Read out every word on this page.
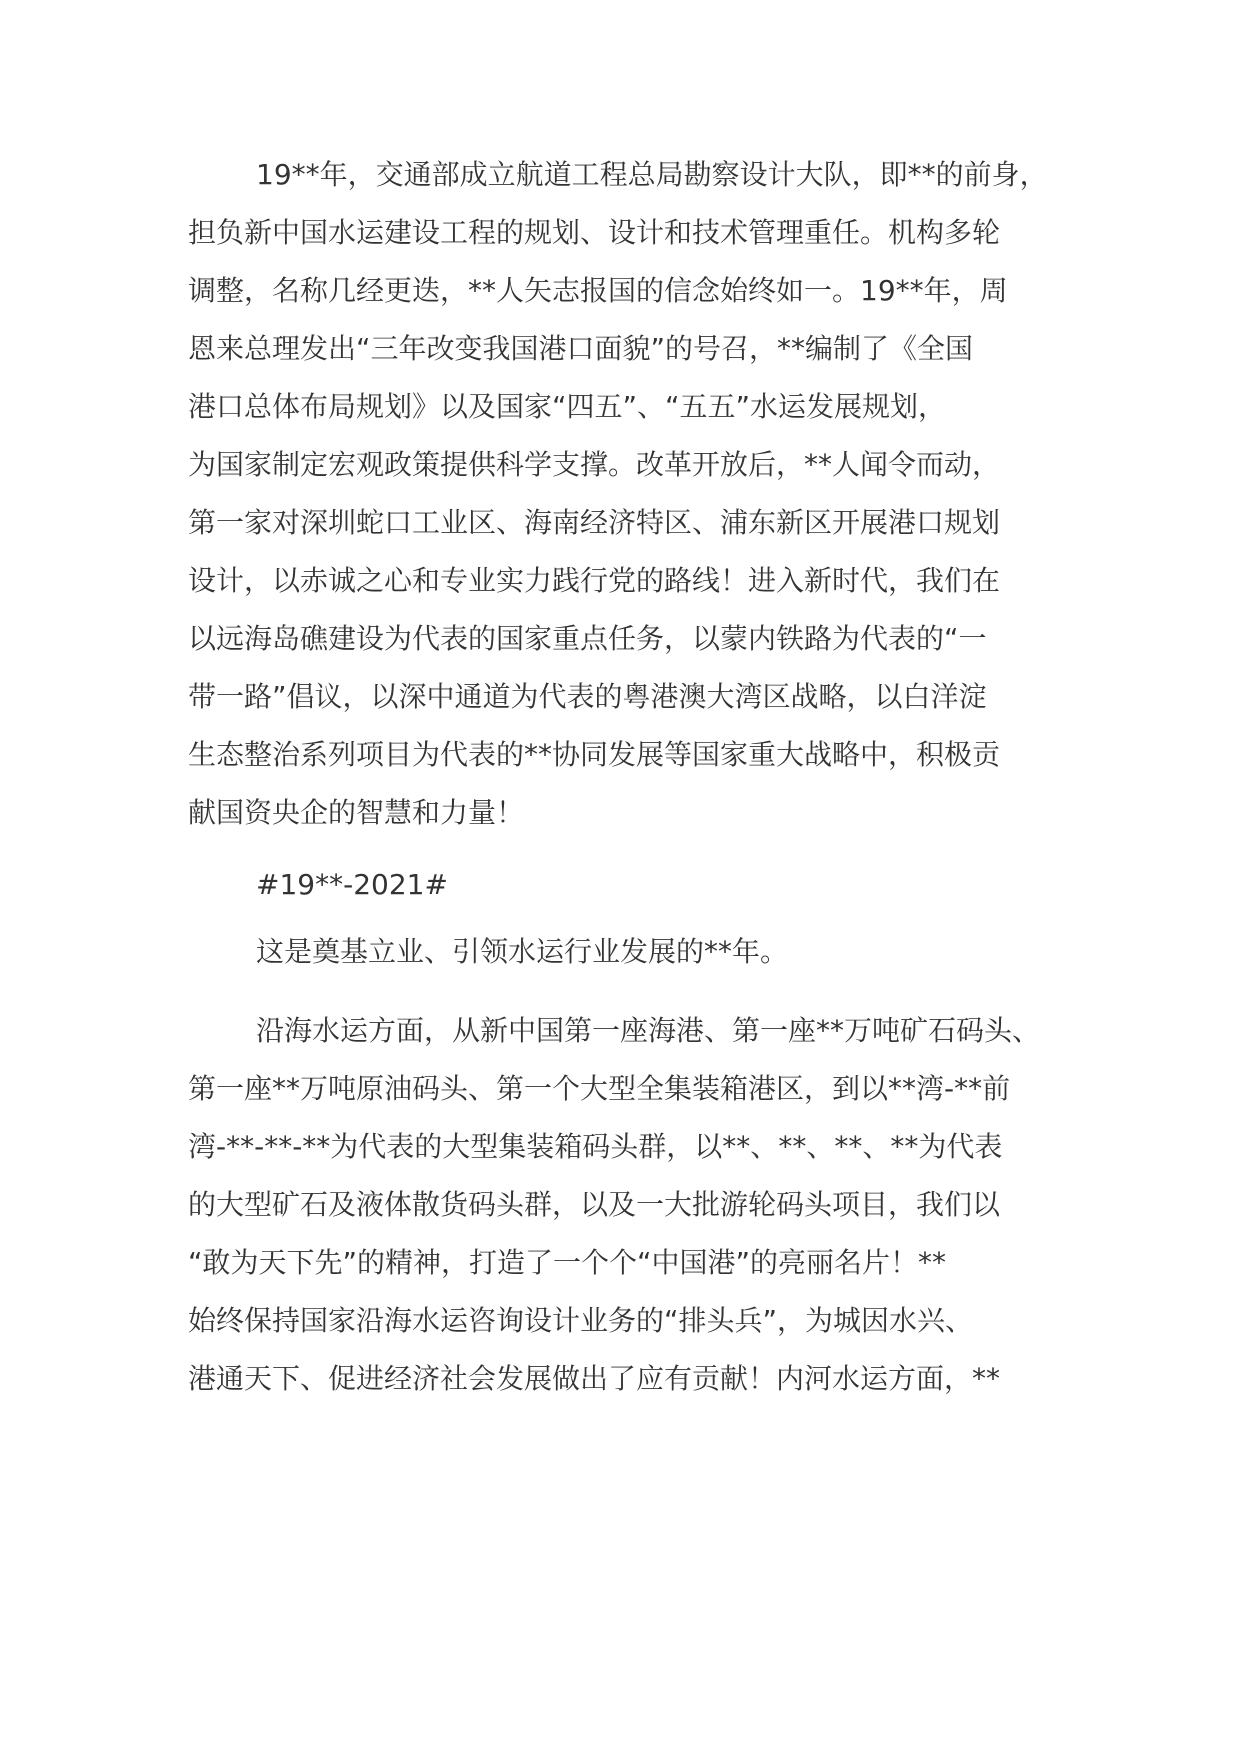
19**年，交通部成立航道工程总局勘察设计大队，即**的前身，
担负新中国水运建设工程的规划、设计和技术管理重任。机构多轮
调整，名称几经更迭，**人矢志报国的信念始终如一。19**年，周
恩来总理发出“三年改变我国港口面貌”的号召，**编制了《全国
港口总体布局规划》以及国家“四五”、“五五”水运发展规划，
为国家制定宏观政策提供科学支撑。改革开放后，**人闻令而动，
第一家对深圳蛇口工业区、海南经济特区、浦东新区开展港口规划
设计，以赤诚之心和专业实力践行党的路线！进入新时代，我们在
以远海岛礁建设为代表的国家重点任务，以蒙内铁路为代表的“一
带一路”倡议，以深中通道为代表的粤港澳大湾区战略，以白洋淀
生态整治系列项目为代表的**协同发展等国家重大战略中，积极贡
献国资央企的智慧和力量！
#19**-2021#
这是奠基立业、引领水运行业发展的**年。
沿海水运方面，从新中国第一座海港、第一座**万吨矿石码头、
第一座**万吨原油码头、第一个大型全集装箱港区，到以**湾-**前
湾-**-**-**为代表的大型集装箱码头群，以**、**、**、**为代表
的大型矿石及液体散货码头群，以及一大批游轮码头项目，我们以
“敢为天下先”的精神，打造了一个个“中国港”的亮丽名片！**
始终保持国家沿海水运咨询设计业务的“排头兵”，为城因水兴、
港通天下、促进经济社会发展做出了应有贡献！内河水运方面，**
